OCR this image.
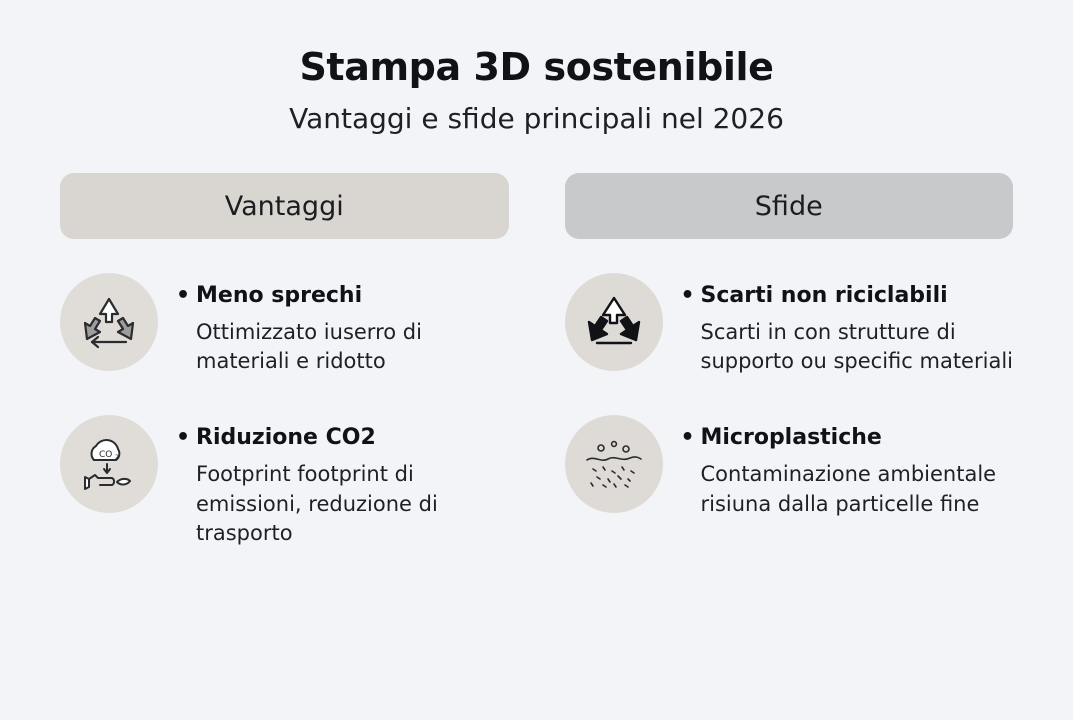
Stampa 3D sostenibile
Vantaggi e sfide principali nel 2026
Vantaggi
• Meno sprechi
Ottimizzato iuserro di materiali e ridotto
CO 2
• Riduzione CO2
Footprint footprint di emissioni, reduzione di trasporto
Sfide
• Scarti non riciclabili
Scarti in con strutture di supporto ou specific materiali
• Microplastiche
Contaminazione ambientale risiuna dalla particelle fine
